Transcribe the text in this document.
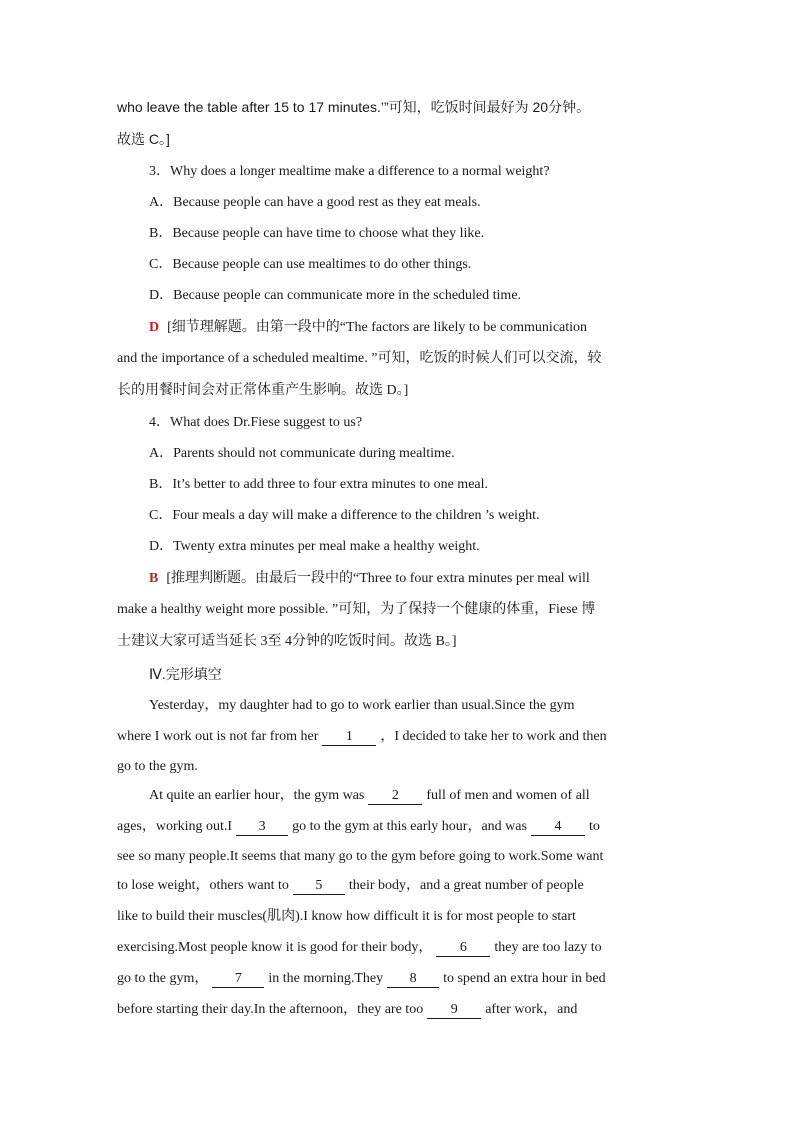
who leave the table after 15 to 17 minutes.’”可知，吃饭时间最好为 20分钟。
故选 C。]
3．Why does a longer mealtime make a difference to a normal weight?
A．Because people can have a good rest as they eat meals.
B．Because people can have time to choose what they like.
C．Because people can use mealtimes to do other things.
D．Because people can communicate more in the scheduled time.
D [细节理解题。由第一段中的“The factors are likely to be communication
and the importance of a scheduled mealtime. ”可知，吃饭的时候人们可以交流，较
长的用餐时间会对正常体重产生影响。故选 D。]
4．What does Dr.Fiese suggest to us?
A．Parents should not communicate during mealtime.
B．It’s better to add three to four extra minutes to one meal.
C．Four meals a day will make a difference to the children ’s weight.
D．Twenty extra minutes per meal make a healthy weight.
B [推理判断题。由最后一段中的“Three to four extra minutes per meal will
make a healthy weight more possible. ”可知，为了保持一个健康的体重，Fiese 博
士建议大家可适当延长 3至 4分钟的吃饭时间。故选 B。]
Ⅳ.完形填空
Yesterday，my daughter had to go to work earlier than usual.Since the gym
where I work out is not far from her 1 ，I decided to take her to work and then
go to the gym.
At quite an earlier hour，the gym was 2 full of men and women of all
ages，working out.I 3 go to the gym at this early hour，and was 4 to
see so many people.It seems that many go to the gym before going to work.Some want
to lose weight，others want to 5 their body，and a great number of people
like to build their muscles(肌肉).I know how difficult it is for most people to start
exercising.Most people know it is good for their body， 6 they are too lazy to
go to the gym， 7 in the morning.They 8 to spend an extra hour in bed
before starting their day.In the afternoon，they are too 9 after work，and
